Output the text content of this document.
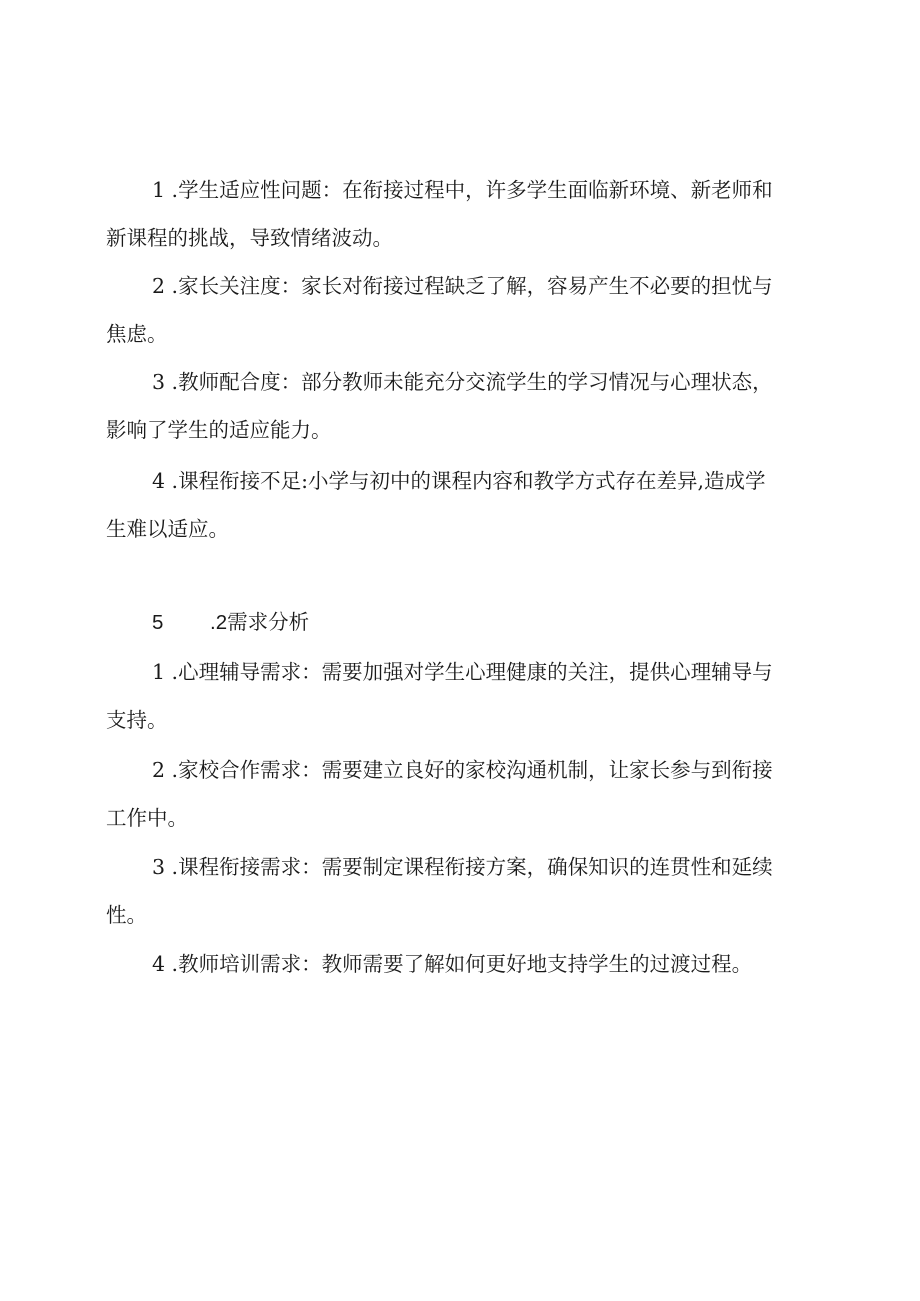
1 .学生适应性问题：在衔接过程中，许多学生面临新环境、新老师和
新课程的挑战，导致情绪波动。

2 .家长关注度：家长对衔接过程缺乏了解，容易产生不必要的担忧与
焦虑。

3 .教师配合度：部分教师未能充分交流学生的学习情况与心理状态，
影响了学生的适应能力。

4 .课程衔接不足:小学与初中的课程内容和教学方式存在差异,造成学
生难以适应。

5 .2需求分析

1 .心理辅导需求：需要加强对学生心理健康的关注，提供心理辅导与
支持。

2 .家校合作需求：需要建立良好的家校沟通机制，让家长参与到衔接
工作中。

3 .课程衔接需求：需要制定课程衔接方案，确保知识的连贯性和延续
性。

4 .教师培训需求：教师需要了解如何更好地支持学生的过渡过程。
